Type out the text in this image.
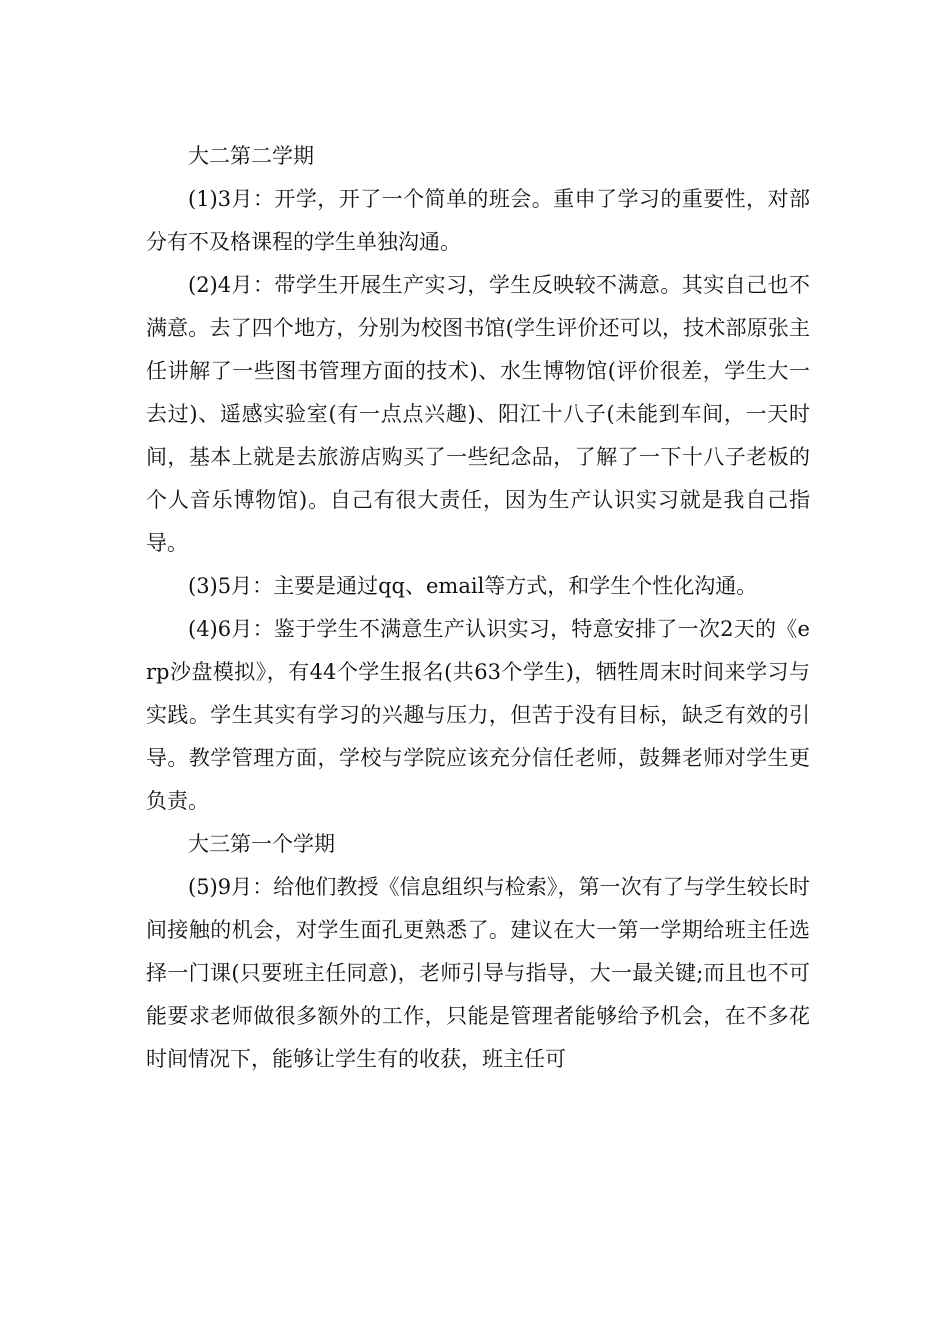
大二第二学期

(1)3月：开学，开了一个简单的班会。重申了学习的重要性，对部分有不及格课程的学生单独沟通。

(2)4月：带学生开展生产实习，学生反映较不满意。其实自己也不满意。去了四个地方，分别为校图书馆(学生评价还可以，技术部原张主任讲解了一些图书管理方面的技术)、水生博物馆(评价很差，学生大一去过)、遥感实验室(有一点点兴趣)、阳江十八子(未能到车间，一天时间，基本上就是去旅游店购买了一些纪念品，了解了一下十八子老板的个人音乐博物馆)。自己有很大责任，因为生产认识实习就是我自己指导。

(3)5月：主要是通过qq、email等方式，和学生个性化沟通。

(4)6月：鉴于学生不满意生产认识实习，特意安排了一次2天的《erp沙盘模拟》，有44个学生报名(共63个学生)，牺牲周末时间来学习与实践。学生其实有学习的兴趣与压力，但苦于没有目标，缺乏有效的引导。教学管理方面，学校与学院应该充分信任老师，鼓舞老师对学生更负责。

大三第一个学期

(5)9月：给他们教授《信息组织与检索》，第一次有了与学生较长时间接触的机会，对学生面孔更熟悉了。建议在大一第一学期给班主任选择一门课(只要班主任同意)，老师引导与指导，大一最关键;而且也不可能要求老师做很多额外的工作，只能是管理者能够给予机会，在不多花时间情况下，能够让学生有的收获，班主任可
